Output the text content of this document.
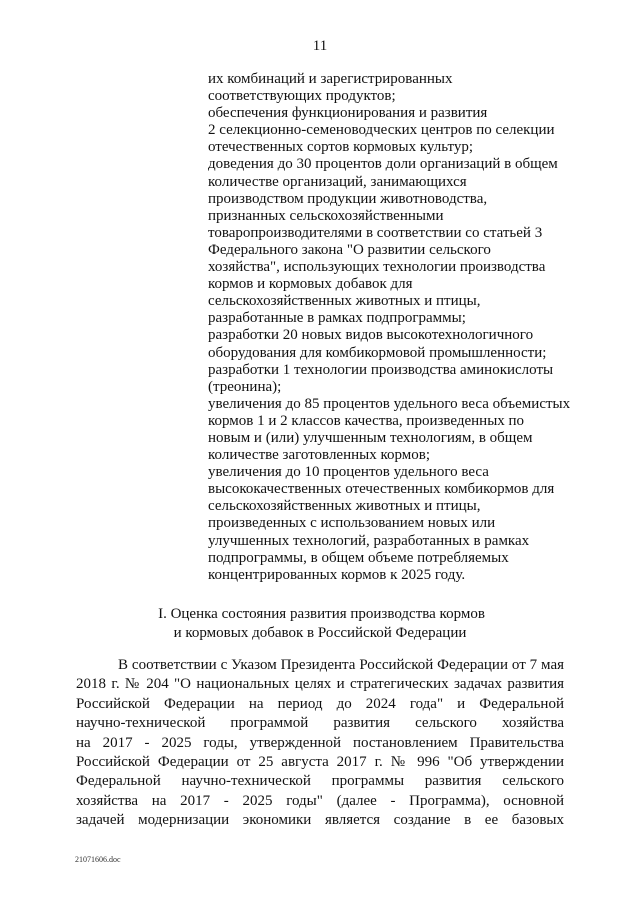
11
их комбинаций и зарегистрированных
соответствующих продуктов;
обеспечения функционирования и развития
2 селекционно-семеноводческих центров по селекции
отечественных сортов кормовых культур;
доведения до 30 процентов доли организаций в общем
количестве организаций, занимающихся
производством продукции животноводства,
признанных сельскохозяйственными
товаропроизводителями в соответствии со статьей 3
Федерального закона "О развитии сельского
хозяйства", использующих технологии производства
кормов и кормовых добавок для
сельскохозяйственных животных и птицы,
разработанные в рамках подпрограммы;
разработки 20 новых видов высокотехнологичного
оборудования для комбикормовой промышленности;
разработки 1 технологии производства аминокислоты
(треонина);
увеличения до 85 процентов удельного веса объемистых
кормов 1 и 2 классов качества, произведенных по
новым и (или) улучшенным технологиям, в общем
количестве заготовленных кормов;
увеличения до 10 процентов удельного веса
высококачественных отечественных комбикормов для
сельскохозяйственных животных и птицы,
произведенных с использованием новых или
улучшенных технологий, разработанных в рамках
подпрограммы, в общем объеме потребляемых
концентрированных кормов к 2025 году.
I. Оценка состояния развития производства кормов
и кормовых добавок в Российской Федерации
В соответствии с Указом Президента Российской Федерации от 7 мая
2018 г. № 204 "О национальных целях и стратегических задачах развития
Российской Федерации на период до 2024 года" и Федеральной
научно-технической программой развития сельского хозяйства
на 2017 - 2025 годы, утвержденной постановлением Правительства
Российской Федерации от 25 августа 2017 г. № 996 "Об утверждении
Федеральной научно-технической программы развития сельского
хозяйства на 2017 - 2025 годы" (далее - Программа), основной
задачей модернизации экономики является создание в ее базовых
21071606.doc
